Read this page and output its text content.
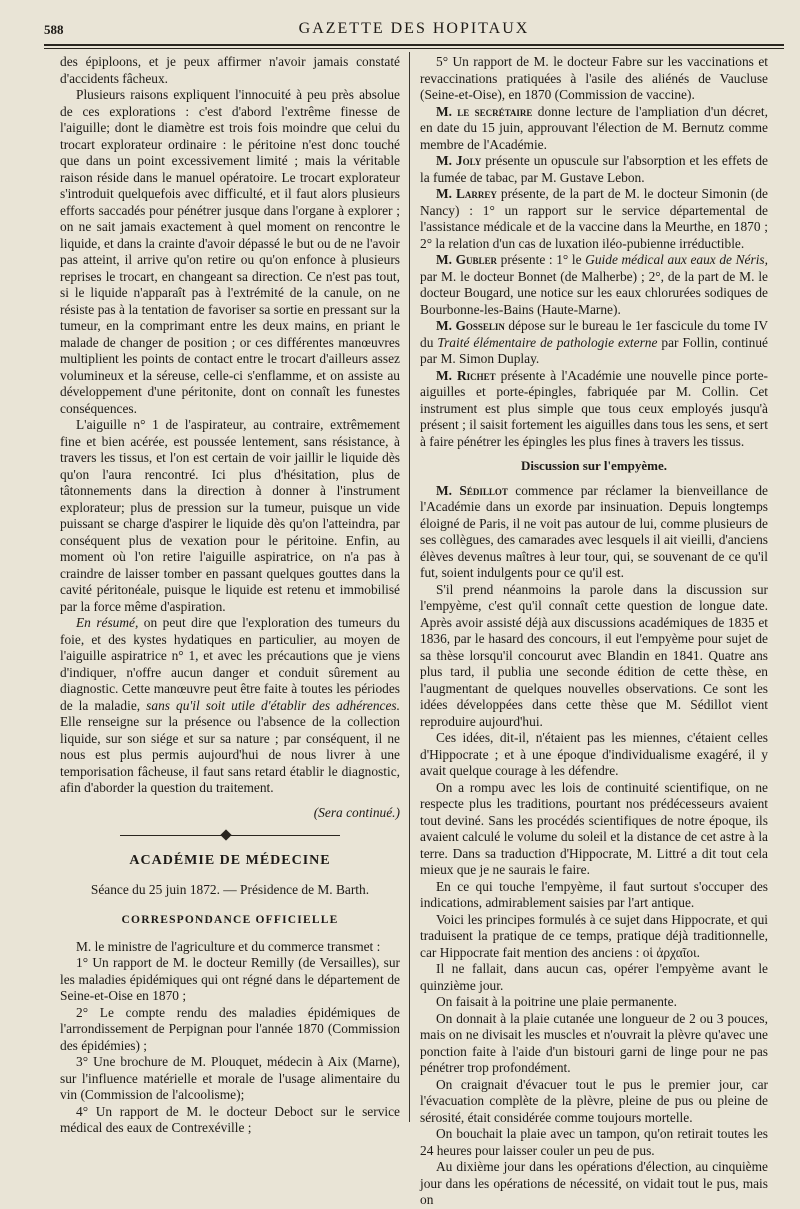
588	GAZETTE DES HOPITAUX

des épiploons, et je peux affirmer n'avoir jamais constaté d'accidents fâcheux.

Plusieurs raisons expliquent l'innocuité à peu près absolue de ces explorations : c'est d'abord l'extrême finesse de l'aiguille; dont le diamètre est trois fois moindre que celui du trocart explorateur ordinaire : le péritoine n'est donc touché que dans un point excessivement limité ; mais la véritable raison réside dans le manuel opératoire. Le trocart explorateur s'introduit quelquefois avec difficulté, et il faut alors plusieurs efforts saccadés pour pénétrer jusque dans l'organe à explorer ; on ne sait jamais exactement à quel moment on rencontre le liquide, et dans la crainte d'avoir dépassé le but ou de ne l'avoir pas atteint, il arrive qu'on retire ou qu'on enfonce à plusieurs reprises le trocart, en changeant sa direction. Ce n'est pas tout, si le liquide n'apparaît pas à l'extrémité de la canule, on ne résiste pas à la tentation de favoriser sa sortie en pressant sur la tumeur, en la comprimant entre les deux mains, en priant le malade de changer de position ; or ces différentes manœuvres multiplient les points de contact entre le trocart d'ailleurs assez volumineux et la séreuse, celle-ci s'enflamme, et on assiste au développement d'une péritonite, dont on connaît les funestes conséquences.

L'aiguille n° 1 de l'aspirateur, au contraire, extrêmement fine et bien acérée, est poussée lentement, sans résistance, à travers les tissus, et l'on est certain de voir jaillir le liquide dès qu'on l'aura rencontré. Ici plus d'hésitation, plus de tâtonnements dans la direction à donner à l'instrument explorateur; plus de pression sur la tumeur, puisque un vide puissant se charge d'aspirer le liquide dès qu'on l'atteindra, par conséquent plus de vexation pour le péritoine. Enfin, au moment où l'on retire l'aiguille aspiratrice, on n'a pas à craindre de laisser tomber en passant quelques gouttes dans la cavité péritonéale, puisque le liquide est retenu et immobilisé par la force même d'aspiration.

En résumé, on peut dire que l'exploration des tumeurs du foie, et des kystes hydatiques en particulier, au moyen de l'aiguille aspiratrice n° 1, et avec les précautions que je viens d'indiquer, n'offre aucun danger et conduit sûrement au diagnostic. Cette manœuvre peut être faite à toutes les périodes de la maladie, sans qu'il soit utile d'établir des adhérences. Elle renseigne sur la présence ou l'absence de la collection liquide, sur son siége et sur sa nature ; par conséquent, il ne nous est plus permis aujourd'hui de nous livrer à une temporisation fâcheuse, il faut sans retard établir le diagnostic, afin d'aborder la question du traitement.

(Sera continué.)
ACADÉMIE DE MÉDECINE
Séance du 25 juin 1872. — Présidence de M. Barth.
CORRESPONDANCE OFFICIELLE

M. le ministre de l'agriculture et du commerce transmet :

1° Un rapport de M. le docteur Remilly (de Versailles), sur les maladies épidémiques qui ont régné dans le département de Seine-et-Oise en 1870 ;

2° Le compte rendu des maladies épidémiques de l'arrondissement de Perpignan pour l'année 1870 (Commission des épidémies) ;

3° Une brochure de M. Plouquet, médecin à Aix (Marne), sur l'influence matérielle et morale de l'usage alimentaire du vin (Commission de l'alcoolisme);

4° Un rapport de M. le docteur Deboct sur le service médical des eaux de Contrexéville ;

5° Un rapport de M. le docteur Fabre sur les vaccinations et revaccinations pratiquées à l'asile des aliénés de Vaucluse (Seine-et-Oise), en 1870 (Commission de vaccine).

M. le secrétaire donne lecture de l'ampliation d'un décret, en date du 15 juin, approuvant l'élection de M. Bernutz comme membre de l'Académie.

M. Joly présente un opuscule sur l'absorption et les effets de la fumée de tabac, par M. Gustave Lebon.

M. Larrey présente, de la part de M. le docteur Simonin (de Nancy) : 1° un rapport sur le service départemental de l'assistance médicale et de la vaccine dans la Meurthe, en 1870 ; 2° la relation d'un cas de luxation iléo-pubienne irréductible.

M. Gubler présente : 1° le Guide médical aux eaux de Néris, par M. le docteur Bonnet (de Malherbe) ; 2°, de la part de M. le docteur Bougard, une notice sur les eaux chlorurées sodiques de Bourbonne-les-Bains (Haute-Marne).

M. Gosselin dépose sur le bureau le 1er fascicule du tome IV du Traité élémentaire de pathologie externe par Follin, continué par M. Simon Duplay.

M. Richet présente à l'Académie une nouvelle pince porte-aiguilles et porte-épingles, fabriquée par M. Collin. Cet instrument est plus simple que tous ceux employés jusqu'à présent ; il saisit fortement les aiguilles dans tous les sens, et sert à faire pénétrer les épingles les plus fines à travers les tissus.

Discussion sur l'empyème.

M. Sédillot commence par réclamer la bienveillance de l'Académie dans un exorde par insinuation. Depuis longtemps éloigné de Paris, il ne voit pas autour de lui, comme plusieurs de ses collègues, des camarades avec lesquels il ait vieilli, d'anciens élèves devenus maîtres à leur tour, qui, se souvenant de ce qu'il fut, soient indulgents pour ce qu'il est.

S'il prend néanmoins la parole dans la discussion sur l'empyème, c'est qu'il connaît cette question de longue date. Après avoir assisté déjà aux discussions académiques de 1835 et 1836, par le hasard des concours, il eut l'empyème pour sujet de sa thèse lorsqu'il concourut avec Blandin en 1841. Quatre ans plus tard, il publia une seconde édition de cette thèse, en l'augmentant de quelques nouvelles observations. Ce sont les idées développées dans cette thèse que M. Sédillot vient reproduire aujourd'hui.

Ces idées, dit-il, n'étaient pas les miennes, c'étaient celles d'Hippocrate ; et à une époque d'individualisme exagéré, il y avait quelque courage à les défendre.

On a rompu avec les lois de continuité scientifique, on ne respecte plus les traditions, pourtant nos prédécesseurs avaient tout deviné. Sans les procédés scientifiques de notre époque, ils avaient calculé le volume du soleil et la distance de cet astre à la terre. Dans sa traduction d'Hippocrate, M. Littré a dit tout cela mieux que je ne saurais le faire.

En ce qui touche l'empyème, il faut surtout s'occuper des indications, admirablement saisies par l'art antique.

Voici les principes formulés à ce sujet dans Hippocrate, et qui traduisent la pratique de ce temps, pratique déjà traditionnelle, car Hippocrate fait mention des anciens : οἱ ἀρχαῖοι.

Il ne fallait, dans aucun cas, opérer l'empyème avant le quinzième jour.

On faisait à la poitrine une plaie permanente.

On donnait à la plaie cutanée une longueur de 2 ou 3 pouces, mais on ne divisait les muscles et n'ouvrait la plèvre qu'avec une ponction faite à l'aide d'un bistouri garni de linge pour ne pas pénétrer trop profondément.

On craignait d'évacuer tout le pus le premier jour, car l'évacuation complète de la plèvre, pleine de pus ou pleine de sérosité, était considérée comme toujours mortelle.

On bouchait la plaie avec un tampon, qu'on retirait toutes les 24 heures pour laisser couler un peu de pus.

Au dixième jour dans les opérations d'élection, au cinquième jour dans les opérations de nécessité, on vidait tout le pus, mais on
